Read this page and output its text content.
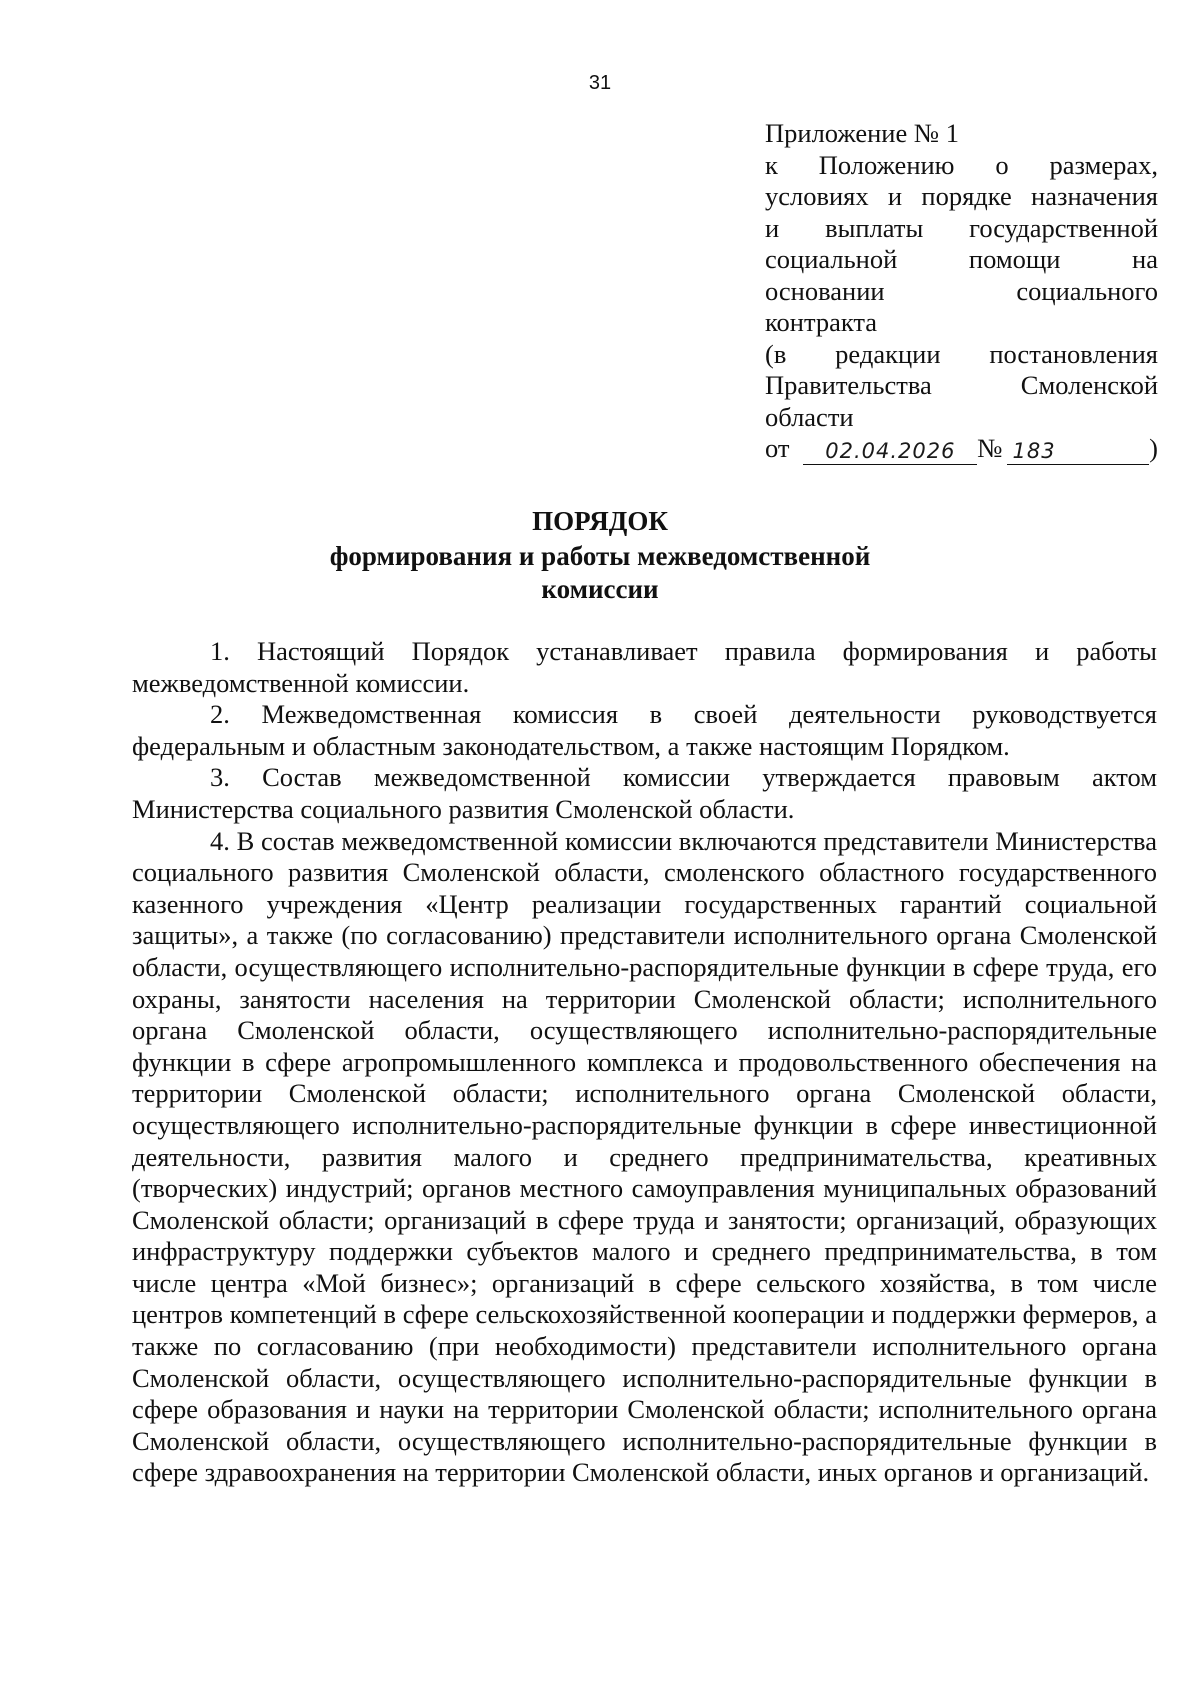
31
Приложение № 1
к Положению о размерах,
условиях и порядке назначения
и выплаты государственной
социальной помощи на
основании социального
контракта
(в редакции постановления
Правительства Смоленской
области
от	02.04.2026 № 183	)
ПОРЯДОК
формирования и работы межведомственной
комиссии

1. Настоящий Порядок устанавливает правила формирования и работы межведомственной комиссии.

2. Межведомственная комиссия в своей деятельности руководствуется федеральным и областным законодательством, а также настоящим Порядком.

3. Состав межведомственной комиссии утверждается правовым актом Министерства социального развития Смоленской области.

4. В состав межведомственной комиссии включаются представители Министерства социального развития Смоленской области, смоленского областного государственного казенного учреждения «Центр реализации государственных гарантий социальной защиты», а также (по согласованию) представители исполнительного органа Смоленской области, осуществляющего исполнительно-распорядительные функции в сфере труда, его охраны, занятости населения на территории Смоленской области; исполнительного органа Смоленской области, осуществляющего исполнительно-распорядительные функции в сфере агропромышленного комплекса и продовольственного обеспечения на территории Смоленской области; исполнительного органа Смоленской области, осуществляющего исполнительно-распорядительные функции в сфере инвестиционной деятельности, развития малого и среднего предпринимательства, креативных (творческих) индустрий; органов местного самоуправления муниципальных образований Смоленской области; организаций в сфере труда и занятости; организаций, образующих инфраструктуру поддержки субъектов малого и среднего предпринимательства, в том числе центра «Мой бизнес»; организаций в сфере сельского хозяйства, в том числе центров компетенций в сфере сельскохозяйственной кооперации и поддержки фермеров, а также по согласованию (при необходимости) представители исполнительного органа Смоленской области, осуществляющего исполнительно-распорядительные функции в сфере образования и науки на территории Смоленской области; исполнительного органа Смоленской области, осуществляющего исполнительно-распорядительные функции в сфере здравоохранения на территории Смоленской области, иных органов и организаций.
